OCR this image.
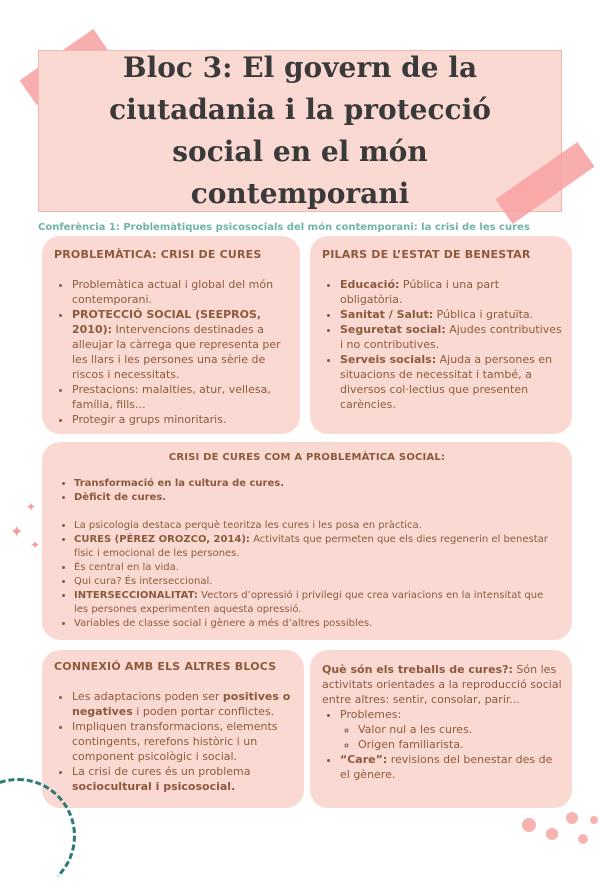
Bloc 3: El govern de la ciutadania i la protecció social en el món contemporani
Conferència 1: Problemàtiques psicosocials del món contemporani: la crisi de les cures
PROBLEMÀTICA: CRISI DE CURES
• Problemàtica actual i global del món contemporani.
• PROTECCIÓ SOCIAL (SEEPROS, 2010): Intervencions destinades a alleujar la càrrega que representa per les llars i les persones una sèrie de riscos i necessitats.
• Prestacions: malalties, atur, vellesa, família, fills...
• Protegir a grups minoritaris.
PILARS DE L’ESTAT DE BENESTAR
• Educació: Pública i una part obligatòria.
• Sanitat / Salut: Pública i gratuïta.
• Seguretat social: Ajudes contributives i no contributives.
• Serveis socials: Ajuda a persones en situacions de necessitat i també, a diversos col·lectius que presenten carències.
CRISI DE CURES COM A PROBLEMÀTICA SOCIAL:
• Transformació en la cultura de cures.
• Dèficit de cures.
• La psicologia destaca perquè teoritza les cures i les posa en pràctica.
• CURES (PÉREZ OROZCO, 2014): Activitats que permeten que els dies regenerin el benestar físic i emocional de les persones.
• És central en la vida.
• Qui cura? És interseccional.
• INTERSECCIONALITAT: Vectors d’opressió i privilegi que crea variacions en la intensitat que les persones experimenten aquesta opressió.
• Variables de classe social i gènere a més d’altres possibles.
✦
✦
✦
CONNEXIÓ AMB ELS ALTRES BLOCS
• Les adaptacions poden ser positives o negatives i poden portar conflictes.
• Impliquen transformacions, elements contingents, rerefons històric i un component psicològic i social.
• La crisi de cures és un problema sociocultural i psicosocial.

Què són els treballs de cures?: Són les activitats orientades a la reproducció social entre altres: sentir, consolar, parir...

• Problemes:
◦ Valor nul a les cures.
◦ Origen familiarista.
• “Care”: revisions del benestar des de el gènere.
